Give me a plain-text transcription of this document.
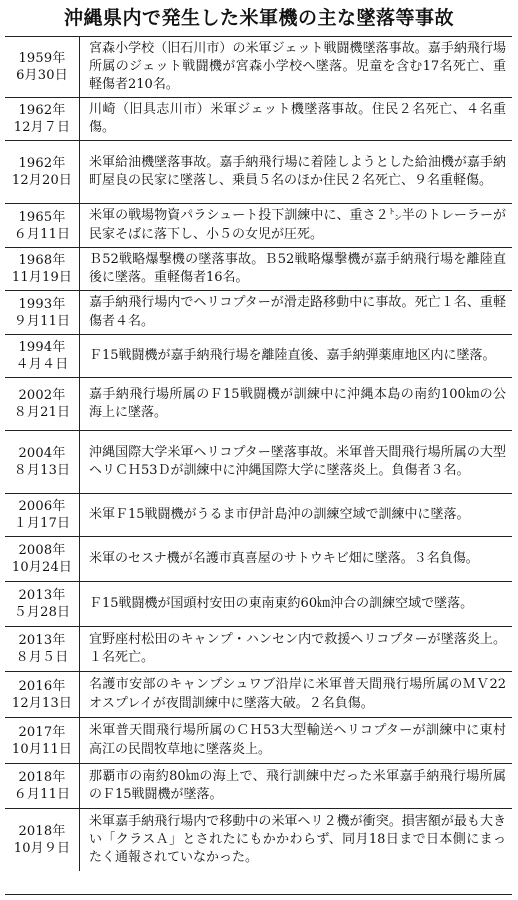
沖縄県内で発生した米軍機の主な墜落等事故
1959年
6月30日
宮森小学校（旧石川市）の米軍ジェット戦闘機墜落事故。嘉手納飛行場所属のジェット戦闘機が宮森小学校へ墜落。児童を含む17名死亡、重軽傷者210名。
1962年
12月７日
川崎（旧具志川市）米軍ジェット機墜落事故。住民２名死亡、４名重傷。
1962年
12月20日
米軍給油機墜落事故。嘉手納飛行場に着陸しようとした給油機が嘉手納町屋良の民家に墜落し、乗員５名のほか住民２名死亡、９名重軽傷。
1965年
６月11日
米軍の戦場物資パラシュート投下訓練中に、重さ２㌧半のトレーラーが民家そばに落下し、小５の女児が圧死。
1968年
11月19日
Ｂ52戦略爆撃機の墜落事故。Ｂ52戦略爆撃機が嘉手納飛行場を離陸直後に墜落。重軽傷者16名。
1993年
９月11日
嘉手納飛行場内でヘリコプターが滑走路移動中に事故。死亡１名、重軽傷者４名。
1994年
４月４日
Ｆ15戦闘機が嘉手納飛行場を離陸直後、嘉手納弾薬庫地区内に墜落。
2002年
８月21日
嘉手納飛行場所属のＦ15戦闘機が訓練中に沖縄本島の南約100㎞の公海上に墜落。
2004年
８月13日
沖縄国際大学米軍ヘリコプター墜落事故。米軍普天間飛行場所属の大型ヘリＣＨ53Ｄが訓練中に沖縄国際大学に墜落炎上。負傷者３名。
2006年
１月17日
米軍Ｆ15戦闘機がうるま市伊計島沖の訓練空域で訓練中に墜落。
2008年
10月24日
米軍のセスナ機が名護市真喜屋のサトウキビ畑に墜落。３名負傷。
2013年
５月28日
Ｆ15戦闘機が国頭村安田の東南東約60㎞沖合の訓練空域で墜落。
2013年
８月５日
宜野座村松田のキャンプ・ハンセン内で救援ヘリコプターが墜落炎上。１名死亡。
2016年
12月13日
名護市安部のキャンプシュワブ沿岸に米軍普天間飛行場所属のＭＶ22オスプレイが夜間訓練中に墜落大破。２名負傷。
2017年
10月11日
米軍普天間飛行場所属のＣＨ53大型輸送ヘリコプターが訓練中に東村高江の民間牧草地に墜落炎上。
2018年
６月11日
那覇市の南約80㎞の海上で、飛行訓練中だった米軍嘉手納飛行場所属のＦ15戦闘機が墜落。
2018年
10月９日
米軍嘉手納飛行場内で移動中の米軍ヘリ２機が衝突。損害額が最も大きい「クラスＡ」とされたにもかかわらず、同月18日まで日本側にまったく通報されていなかった。
